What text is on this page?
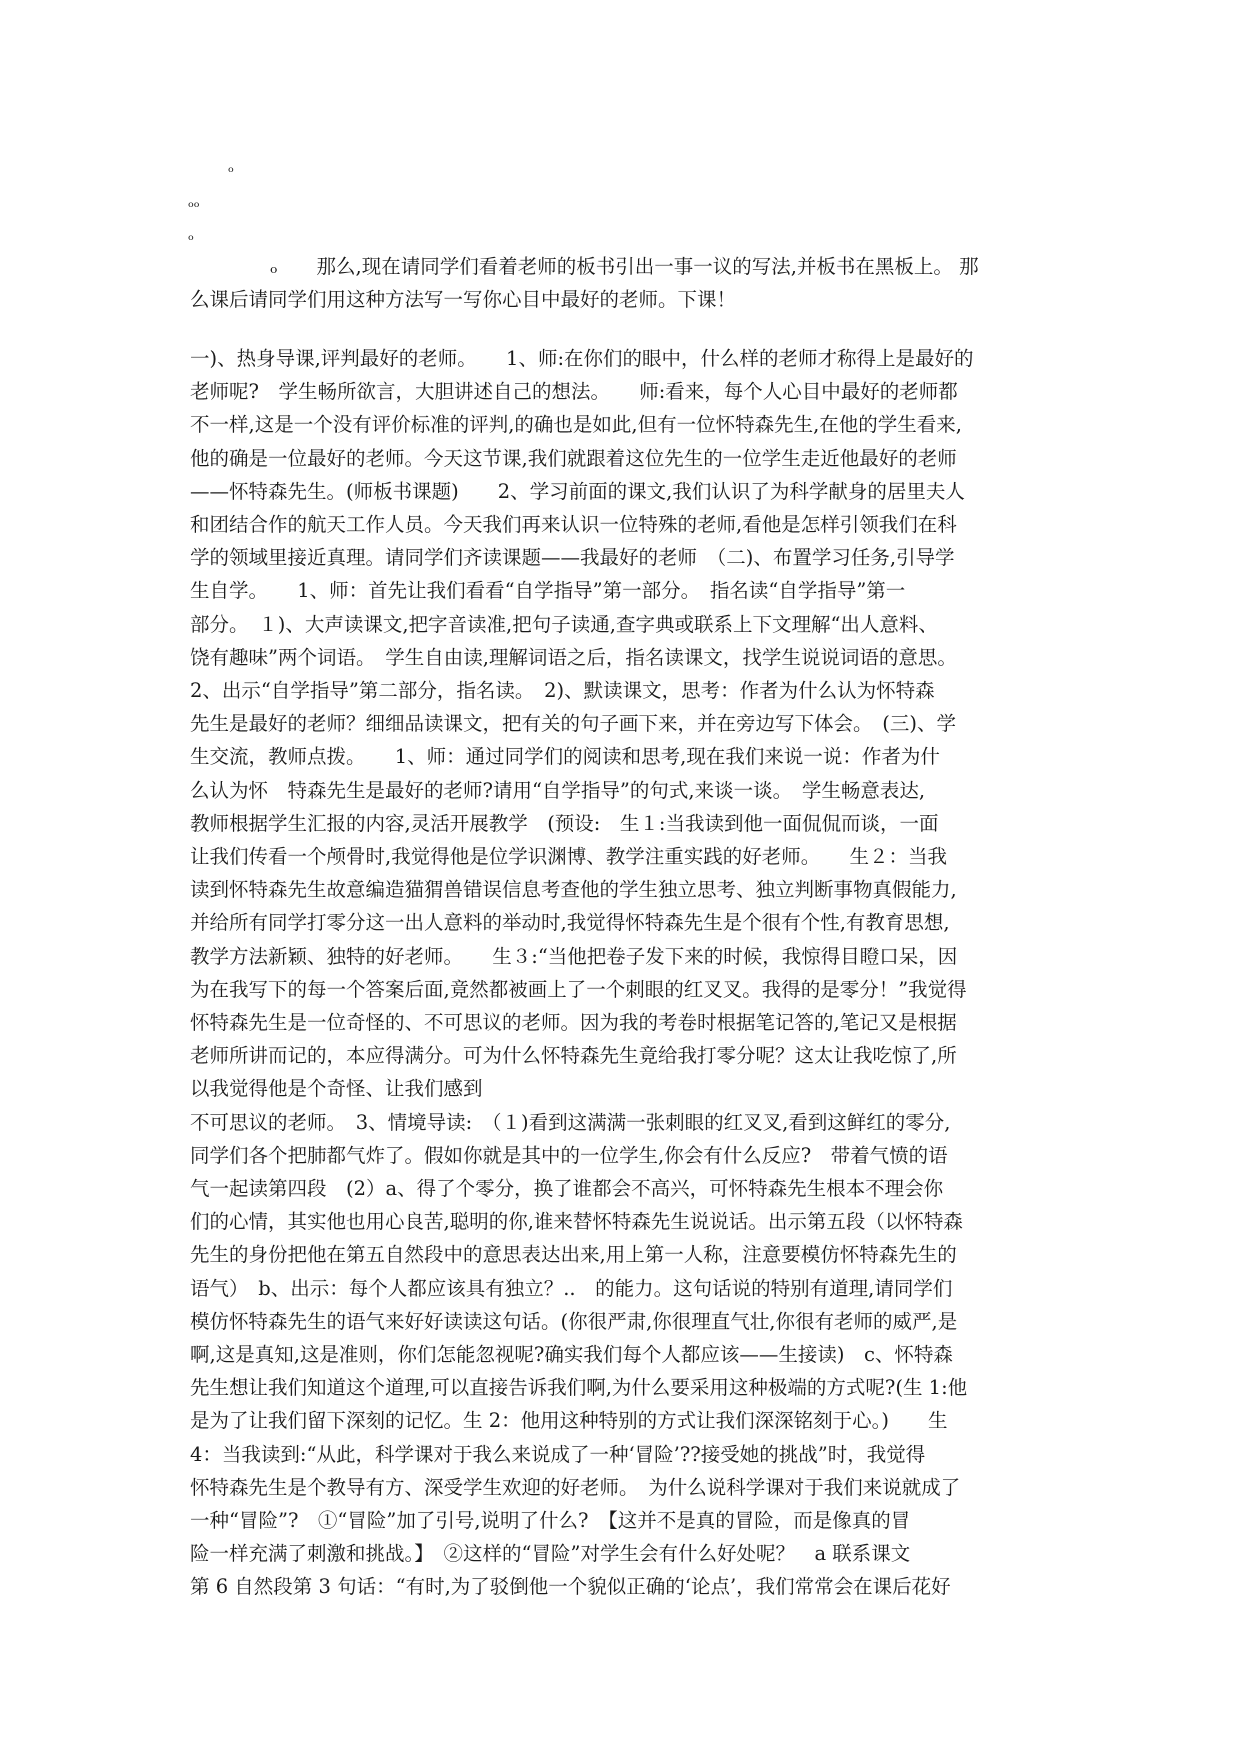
ₒ
ₒₒ
ₒ
ₒ　　那么,现在请同学们看着老师的板书引出一事一议的写法,并板书在黑板上。 那
么课后请同学们用这种方法写一写你心目中最好的老师。下课！
一)、热身导课,评判最好的老师。　　1、师:在你们的眼中，什么样的老师才称得上是最好的
老师呢?　学生畅所欲言，大胆讲述自己的想法。　　师:看来，每个人心目中最好的老师都
不一样,这是一个没有评价标准的评判,的确也是如此,但有一位怀特森先生,在他的学生看来,
他的确是一位最好的老师。今天这节课,我们就跟着这位先生的一位学生走近他最好的老师
——怀特森先生。(师板书课题)　　2、学习前面的课文,我们认识了为科学献身的居里夫人
和团结合作的航天工作人员。今天我们再来认识一位特殊的老师,看他是怎样引领我们在科
学的领域里接近真理。请同学们齐读课题——我最好的老师　（二)、布置学习任务,引导学
生自学。　　1、师：首先让我们看看“自学指导”第一部分。　指名读“自学指导”第一
部分。　１)、大声读课文,把字音读准,把句子读通,查字典或联系上下文理解“出人意料、
饶有趣味”两个词语。　学生自由读,理解词语之后，指名读课文，找学生说说词语的意思。
2、出示“自学指导”第二部分，指名读。　2)、默读课文，思考：作者为什么认为怀特森
先生是最好的老师？细细品读课文，把有关的句子画下来，并在旁边写下体会。　(三)、学
生交流，教师点拨。　　1、师：通过同学们的阅读和思考,现在我们来说一说：作者为什
么认为怀　特森先生是最好的老师?请用“自学指导”的句式,来谈一谈。　学生畅意表达,
教师根据学生汇报的内容,灵活开展教学　(预设:　生１:当我读到他一面侃侃而谈，一面
让我们传看一个颅骨时,我觉得他是位学识渊博、教学注重实践的好老师。　　生２：当我
读到怀特森先生故意编造猫猬兽错误信息考查他的学生独立思考、独立判断事物真假能力,
并给所有同学打零分这一出人意料的举动时,我觉得怀特森先生是个很有个性,有教育思想,
教学方法新颖、独特的好老师。　　生３:“当他把卷子发下来的时候，我惊得目瞪口呆，因
为在我写下的每一个答案后面,竟然都被画上了一个刺眼的红叉叉。我得的是零分！”我觉得
怀特森先生是一位奇怪的、不可思议的老师。因为我的考卷时根据笔记答的,笔记又是根据
老师所讲而记的，本应得满分。可为什么怀特森先生竟给我打零分呢？这太让我吃惊了,所
以我觉得他是个奇怪、让我们感到
不可思议的老师。　3、情境导读:　（１)看到这满满一张刺眼的红叉叉,看到这鲜红的零分,
同学们各个把肺都气炸了。假如你就是其中的一位学生,你会有什么反应?　带着气愤的语
气一起读第四段　(2）a、得了个零分，换了谁都会不高兴，可怀特森先生根本不理会你
们的心情，其实他也用心良苦,聪明的你,谁来替怀特森先生说说话。出示第五段（以怀特森
先生的身份把他在第五自然段中的意思表达出来,用上第一人称，注意要模仿怀特森先生的
语气）　b、出示：每个人都应该具有独立？..　的能力。这句话说的特别有道理,请同学们
模仿怀特森先生的语气来好好读读这句话。(你很严肃,你很理直气壮,你很有老师的威严,是
啊,这是真知,这是准则，你们怎能忽视呢?确实我们每个人都应该——生接读)　c、怀特森
先生想让我们知道这个道理,可以直接告诉我们啊,为什么要采用这种极端的方式呢?(生 1:他
是为了让我们留下深刻的记忆。生 2：他用这种特别的方式让我们深深铭刻于心。)　　生
4：当我读到:“从此，科学课对于我么来说成了一种‘冒险’??接受她的挑战”时，我觉得
怀特森先生是个教导有方、深受学生欢迎的好老师。　为什么说科学课对于我们来说就成了
一种“冒险”?　①“冒险”加了引号,说明了什么?　【这并不是真的冒险，而是像真的冒
险一样充满了刺激和挑战。】　②这样的“冒险”对学生会有什么好处呢？　a 联系课文
第 6 自然段第 3 句话：“有时,为了驳倒他一个貌似正确的‘论点’，我们常常会在课后花好
